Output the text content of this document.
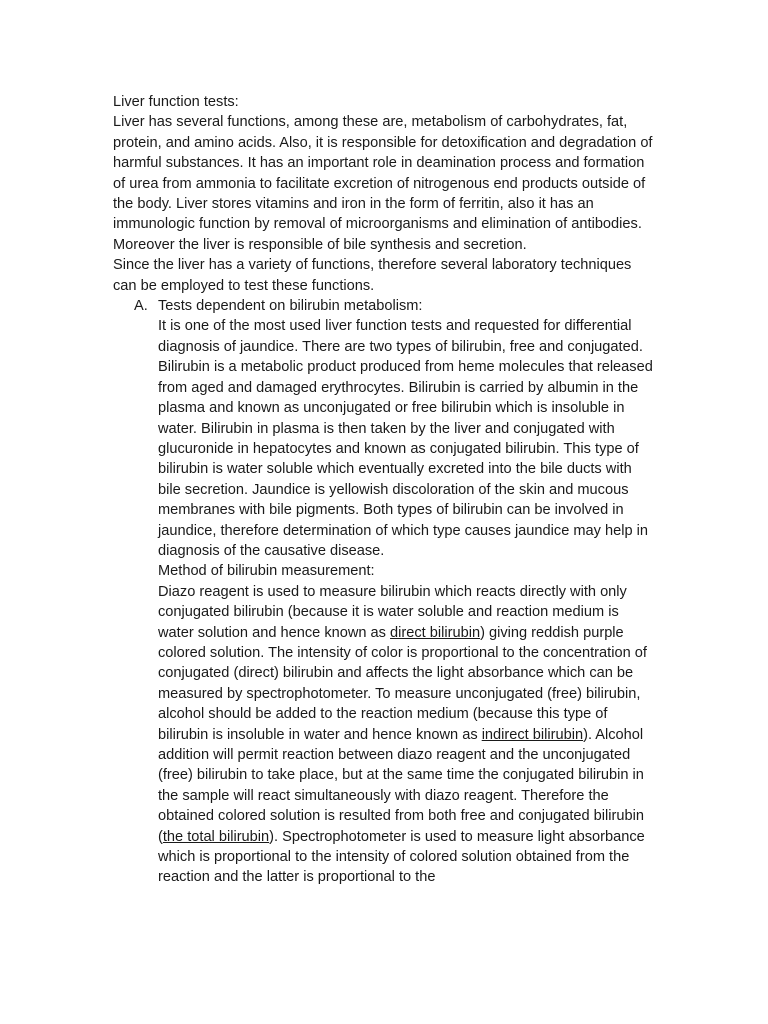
Liver function tests:

Liver has several functions, among these are, metabolism of carbohydrates, fat, protein, and amino acids. Also, it is responsible for detoxification and degradation of harmful substances. It has an important role in deamination process and formation of urea from ammonia to facilitate excretion of nitrogenous end products outside of the body. Liver stores vitamins and iron in the form of ferritin, also it has an immunologic function by removal of microorganisms and elimination of antibodies. Moreover the liver is responsible of bile synthesis and secretion.

Since the liver has a variety of functions, therefore several laboratory techniques can be employed to test these functions.

A. Tests dependent on bilirubin metabolism:

It is one of the most used liver function tests and requested for differential diagnosis of jaundice. There are two types of bilirubin, free and conjugated. Bilirubin is a metabolic product produced from heme molecules that released from aged and damaged erythrocytes. Bilirubin is carried by albumin in the plasma and known as unconjugated or free bilirubin which is insoluble in water. Bilirubin in plasma is then taken by the liver and conjugated with glucuronide in hepatocytes and known as conjugated bilirubin. This type of bilirubin is water soluble which eventually excreted into the bile ducts with bile secretion. Jaundice is yellowish discoloration of the skin and mucous membranes with bile pigments. Both types of bilirubin can be involved in jaundice, therefore determination of which type causes jaundice may help in diagnosis of the causative disease.

Method of bilirubin measurement:

Diazo reagent is used to measure bilirubin which reacts directly with only conjugated bilirubin (because it is water soluble and reaction medium is water solution and hence known as direct bilirubin) giving reddish purple colored solution. The intensity of color is proportional to the concentration of conjugated (direct) bilirubin and affects the light absorbance which can be measured by spectrophotometer. To measure unconjugated (free) bilirubin, alcohol should be added to the reaction medium (because this type of bilirubin is insoluble in water and hence known as indirect bilirubin). Alcohol addition will permit reaction between diazo reagent and the unconjugated (free) bilirubin to take place, but at the same time the conjugated bilirubin in the sample will react simultaneously with diazo reagent. Therefore the obtained colored solution is resulted from both free and conjugated bilirubin (the total bilirubin). Spectrophotometer is used to measure light absorbance which is proportional to the intensity of colored solution obtained from the reaction and the latter is proportional to the
